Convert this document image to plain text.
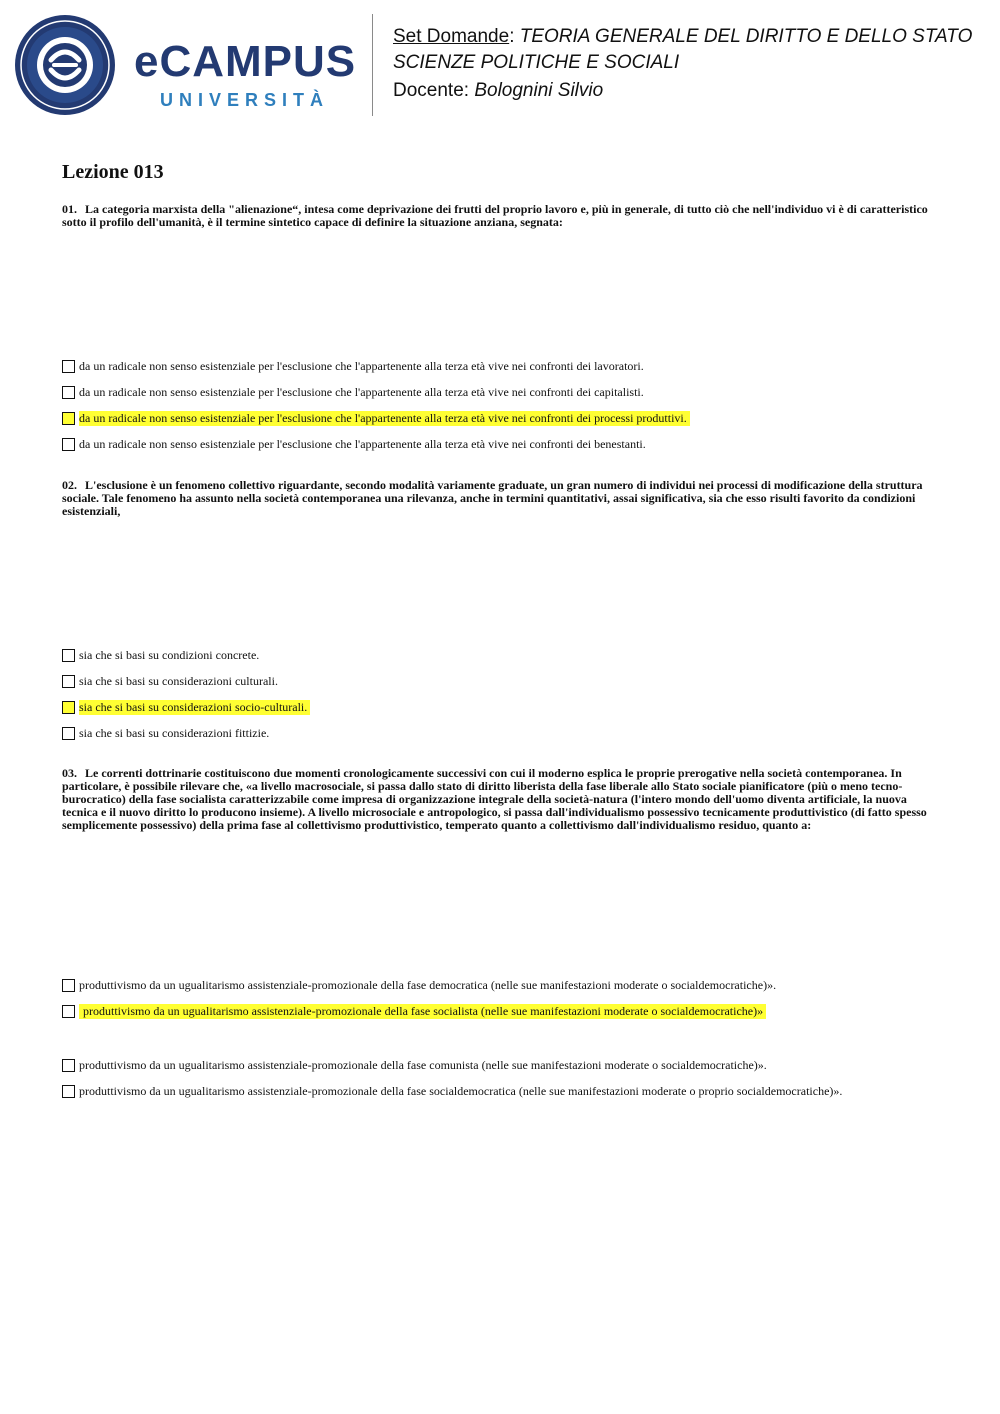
eCAMPUS
UNIVERSITÀ
Set Domande: TEORIA GENERALE DEL DIRITTO E DELLO STATO
SCIENZE POLITICHE E SOCIALI
Docente: Bolognini Silvio
Lezione 013
01. La categoria marxista della "alienazione“, intesa come deprivazione dei frutti del proprio lavoro e, più in generale, di tutto ciò che nell'individuo vi è di caratteristico sotto il profilo dell'umanità, è il termine sintetico capace di definire la situazione anziana, segnata:
da un radicale non senso esistenziale per l'esclusione che l'appartenente alla terza età vive nei confronti dei lavoratori.
da un radicale non senso esistenziale per l'esclusione che l'appartenente alla terza età vive nei confronti dei capitalisti.
da un radicale non senso esistenziale per l'esclusione che l'appartenente alla terza età vive nei confronti dei processi produttivi.
da un radicale non senso esistenziale per l'esclusione che l'appartenente alla terza età vive nei confronti dei benestanti.
02. L'esclusione è un fenomeno collettivo riguardante, secondo modalità variamente graduate, un gran numero di individui nei processi di modificazione della struttura sociale. Tale fenomeno ha assunto nella società contemporanea una rilevanza, anche in termini quantitativi, assai significativa, sia che esso risulti favorito da condizioni esistenziali,
sia che si basi su condizioni concrete.
sia che si basi su considerazioni culturali.
sia che si basi su considerazioni socio-culturali.
sia che si basi su considerazioni fittizie.
03. Le correnti dottrinarie costituiscono due momenti cronologicamente successivi con cui il moderno esplica le proprie prerogative nella società contemporanea. In particolare, è possibile rilevare che, «a livello macrosociale, si passa dallo stato di diritto liberista della fase liberale allo Stato sociale pianificatore (più o meno tecno-burocratico) della fase socialista caratterizzabile come impresa di organizzazione integrale della società-natura (l'intero mondo dell'uomo diventa artificiale, la nuova tecnica e il nuovo diritto lo producono insieme). A livello microsociale e antropologico, si passa dall'individualismo possessivo tecnicamente produttivistico (di fatto spesso semplicemente possessivo) della prima fase al collettivismo produttivistico, temperato quanto a collettivismo dall'individualismo residuo, quanto a:
produttivismo da un ugualitarismo assistenziale-promozionale della fase democratica (nelle sue manifestazioni moderate o socialdemocratiche)».
produttivismo da un ugualitarismo assistenziale-promozionale della fase socialista (nelle sue manifestazioni moderate o socialdemocratiche)»
produttivismo da un ugualitarismo assistenziale-promozionale della fase comunista (nelle sue manifestazioni moderate o socialdemocratiche)».
produttivismo da un ugualitarismo assistenziale-promozionale della fase socialdemocratica (nelle sue manifestazioni moderate o proprio socialdemocratiche)».
